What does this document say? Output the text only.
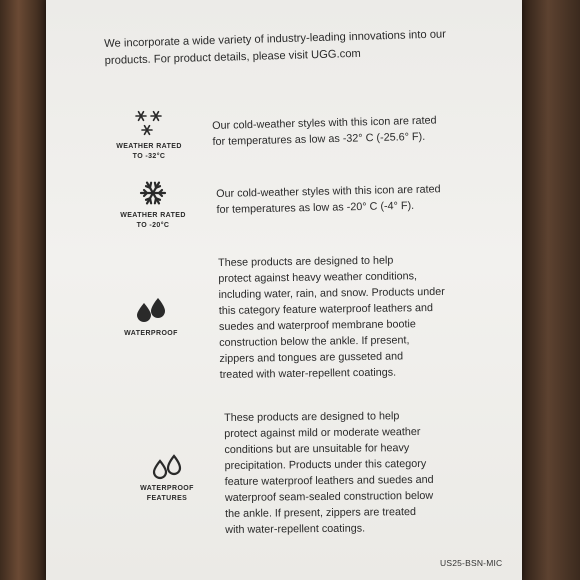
We incorporate a wide variety of industry-leading innovations into our products. For product details, please visit UGG.com
WEATHER RATED
TO -32°C
Our cold-weather styles with this icon are rated
for temperatures as low as -32° C (-25.6° F).
WEATHER RATED
TO -20°C
Our cold-weather styles with this icon are rated
for temperatures as low as -20° C (-4° F).
WATERPROOF
These products are designed to help
protect against heavy weather conditions,
including water, rain, and snow. Products under
this category feature waterproof leathers and
suedes and waterproof membrane bootie
construction below the ankle. If present,
zippers and tongues are gusseted and
treated with water-repellent coatings.
WATERPROOF
FEATURES
These products are designed to help
protect against mild or moderate weather
conditions but are unsuitable for heavy
precipitation. Products under this category
feature waterproof leathers and suedes and
waterproof seam-sealed construction below
the ankle. If present, zippers are treated
with water-repellent coatings.
US25-BSN-MIC
